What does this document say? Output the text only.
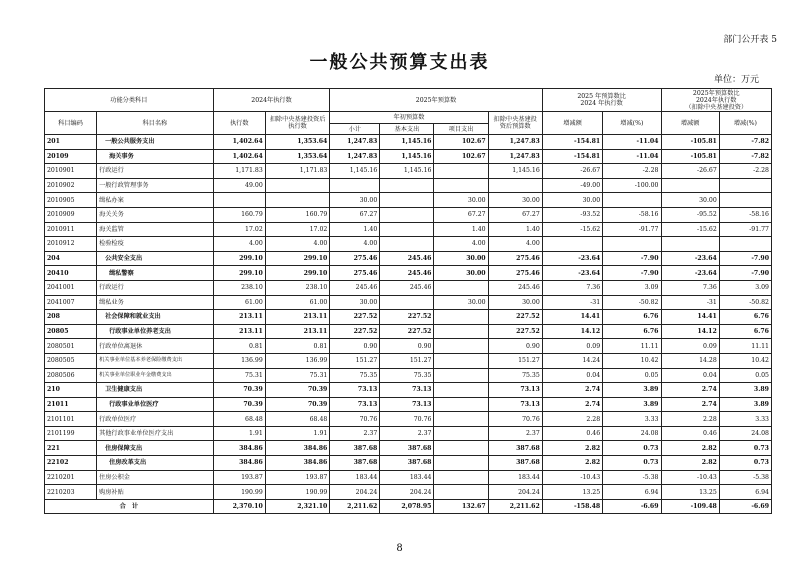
部门公开表 5
一般公共预算支出表
单位：万元
功能分类科目		2024年执行数		2025年预算数				2025 年预算数比
2024 年执行数		2025年预算数比
2024年执行数
（扣除中央基建投资）	
科目编码	科目名称	执行数	扣除中央基建投资后执行数	年初预算数			扣除中央基建投资后预算数	增减额	增减(%)	增减额	增减(%)
				小计	基本支出	项目支出					
201	一般公共服务支出	1,402.64	1,353.64	1,247.83	1,145.16	102.67	1,247.83	-154.81	-11.04	-105.81	-7.82
20109	海关事务	1,402.64	1,353.64	1,247.83	1,145.16	102.67	1,247.83	-154.81	-11.04	-105.81	-7.82
2010901	行政运行	1,171.83	1,171.83	1,145.16	1,145.16		1,145.16	-26.67	-2.28	-26.67	-2.28
2010902	一般行政管理事务	49.00						-49.00	-100.00		
2010905	缉私办案			30.00		30.00	30.00	30.00		30.00	
2010909	海关关务	160.79	160.79	67.27		67.27	67.27	-93.52	-58.16	-95.52	-58.16
2010911	海关监管	17.02	17.02	1.40		1.40	1.40	-15.62	-91.77	-15.62	-91.77
2010912	检验检疫	4.00	4.00	4.00		4.00	4.00				
204	公共安全支出	299.10	299.10	275.46	245.46	30.00	275.46	-23.64	-7.90	-23.64	-7.90
20410	缉私警察	299.10	299.10	275.46	245.46	30.00	275.46	-23.64	-7.90	-23.64	-7.90
2041001	行政运行	238.10	238.10	245.46	245.46		245.46	7.36	3.09	7.36	3.09
2041007	缉私业务	61.00	61.00	30.00		30.00	30.00	-31	-50.82	-31	-50.82
208	社会保障和就业支出	213.11	213.11	227.52	227.52		227.52	14.41	6.76	14.41	6.76
20805	行政事业单位养老支出	213.11	213.11	227.52	227.52		227.52	14.12	6.76	14.12	6.76
2080501	行政单位离退休	0.81	0.81	0.90	0.90		0.90	0.09	11.11	0.09	11.11
2080505	机关事业单位基本养老保险缴费支出	136.99	136.99	151.27	151.27		151.27	14.24	10.42	14.28	10.42
2080506	机关事业单位职业年金缴费支出	75.31	75.31	75.35	75.35		75.35	0.04	0.05	0.04	0.05
210	卫生健康支出	70.39	70.39	73.13	73.13		73.13	2.74	3.89	2.74	3.89
21011	行政事业单位医疗	70.39	70.39	73.13	73.13		73.13	2.74	3.89	2.74	3.89
2101101	行政单位医疗	68.48	68.48	70.76	70.76		70.76	2.28	3.33	2.28	3.33
2101199	其他行政事业单位医疗支出	1.91	1.91	2.37	2.37		2.37	0.46	24.08	0.46	24.08
221	住房保障支出	384.86	384.86	387.68	387.68		387.68	2.82	0.73	2.82	0.73
22102	住房改革支出	384.86	384.86	387.68	387.68		387.68	2.82	0.73	2.82	0.73
2210201	住房公积金	193.87	193.87	183.44	183.44		183.44	-10.43	-5.38	-10.43	-5.38
2210203	购房补贴	190.99	190.99	204.24	204.24		204.24	13.25	6.94	13.25	6.94
合　计		2,370.10	2,321.10	2,211.62	2,078.95	132.67	2,211.62	-158.48	-6.69	-109.48	-6.69
8
